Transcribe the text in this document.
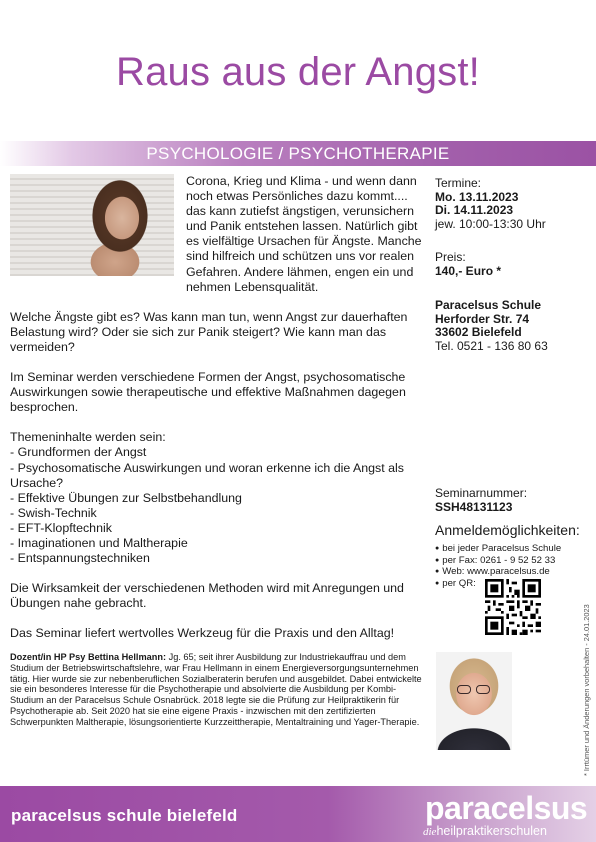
Raus aus der Angst!
PSYCHOLOGIE / PSYCHOTHERAPIE
Corona, Krieg und Klima - und wenn dann noch etwas Persönliches dazu kommt.... das kann zutiefst ängstigen, verunsichern und Panik entstehen lassen. Natürlich gibt es vielfältige Ursachen für Ängste. Manche sind hilfreich und schützen uns vor realen Gefahren. Andere lähmen, engen ein und nehmen Lebensqualität.
Welche Ängste gibt es? Was kann man tun, wenn Angst zur dauerhaften Belastung wird? Oder sie sich zur Panik steigert? Wie kann man das vermeiden?
Im Seminar werden verschiedene Formen der Angst, psychosomatische Auswirkungen sowie therapeutische und effektive Maßnahmen dagegen besprochen.
Themeninhalte werden sein:
- Grundformen der Angst
- Psychosomatische Auswirkungen und woran erkenne ich die Angst als Ursache?
- Effektive Übungen zur Selbstbehandlung
- Swish-Technik
- EFT-Klopftechnik
- Imaginationen und Maltherapie
- Entspannungstechniken
Die Wirksamkeit der verschiedenen Methoden wird mit Anregungen und Übungen nahe gebracht.
Das Seminar liefert wertvolles Werkzeug für die Praxis und den Alltag!
Termine:
Mo. 13.11.2023
Di. 14.11.2023
jew. 10:00-13:30 Uhr
Preis:
140,- Euro *
Paracelsus Schule
Herforder Str. 74
33602 Bielefeld
Tel. 0521 - 136 80 63
Seminarnummer:
SSH48131123
Anmeldemöglichkeiten:
● bei jeder Paracelsus Schule
● per Fax: 0261 - 9 52 52 33
● Web: www.paracelsus.de
● per QR:
Dozent/in HP Psy Bettina Hellmann: Jg. 65; seit ihrer Ausbildung zur Industriekauffrau und dem Studium der Betriebswirtschaftslehre, war Frau Hellmann in einem Energieversorgungsunternehmen tätig. Hier wurde sie zur nebenberuflichen Sozialberaterin berufen und ausgebildet. Dabei entwickelte sie ein besonderes Interesse für die Psychotherapie und absolvierte die Ausbildung per Kombi-Studium an der Paracelsus Schule Osnabrück. 2018 legte sie die Prüfung zur Heilpraktikerin für Psychotherapie ab. Seit 2020 hat sie eine eigene Praxis - inzwischen mit den zertifizierten Schwerpunkten Maltherapie, lösungsorientierte Kurzzeittherapie, Mentaltraining und Yager-Therapie.	* Irrtümer und Änderungen vorbehalten - 24.01.2023
paracelsus schule bielefeld	paracelsus
dieheilpraktikerschulen
